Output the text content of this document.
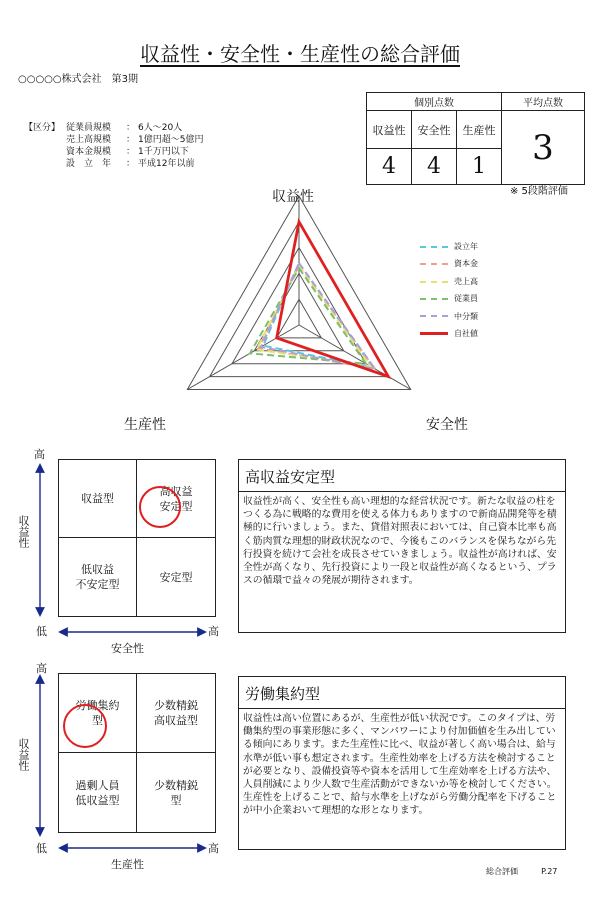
収益性・安全性・生産性の総合評価
○○○○○株式会社　第3期
【区分】 従業員規模	： 6人～20人
売上高規模	： 1億円超～5億円
資本金規模	： 1千万円以下
設　立　年	： 平成12年以前
個別点数			平均点数
収益性	安全性	生産性	3
4	4	1	
※ 5段階評価
収益性
安全性
生産性
設立年
資本金
売上高
従業員
中分類
自社値
高
低	高
収益性
安全性
収益型
高収益
安定型
低収益
不安定型
安定型
高収益安定型
収益性が高く、安全性も高い理想的な経営状況です。新たな収益の柱をつくる為に戦略的な費用を使える体力もありますので新商品開発等を積極的に行いましょう。また、貸借対照表においては、自己資本比率も高く筋肉質な理想的財政状況なので、今後もこのバランスを保ちながら先行投資を続けて会社を成長させていきましょう。収益性が高ければ、安全性が高くなり、先行投資により一段と収益性が高くなるという、プラスの循環で益々の発展が期待されます。
高
低	高
収益性
生産性
労働集約
型
少数精鋭
高収益型
過剰人員
低収益型
少数精鋭
型
労働集約型
収益性は高い位置にあるが、生産性が低い状況です。このタイプは、労働集約型の事業形態に多く、マンパワーにより付加価値を生み出している傾向にあります。また生産性に比べ、収益が著しく高い場合は、給与水準が低い事も想定されます。生産性効率を上げる方法を検討することが必要となり、設備投資等や資本を活用して生産効率を上げる方法や、人員削減により少人数で生産活動ができないか等を検討してください。生産性を上げることで、給与水準を上げながら労働分配率を下げることが中小企業おいて理想的な形となります。
総合評価	P.27
